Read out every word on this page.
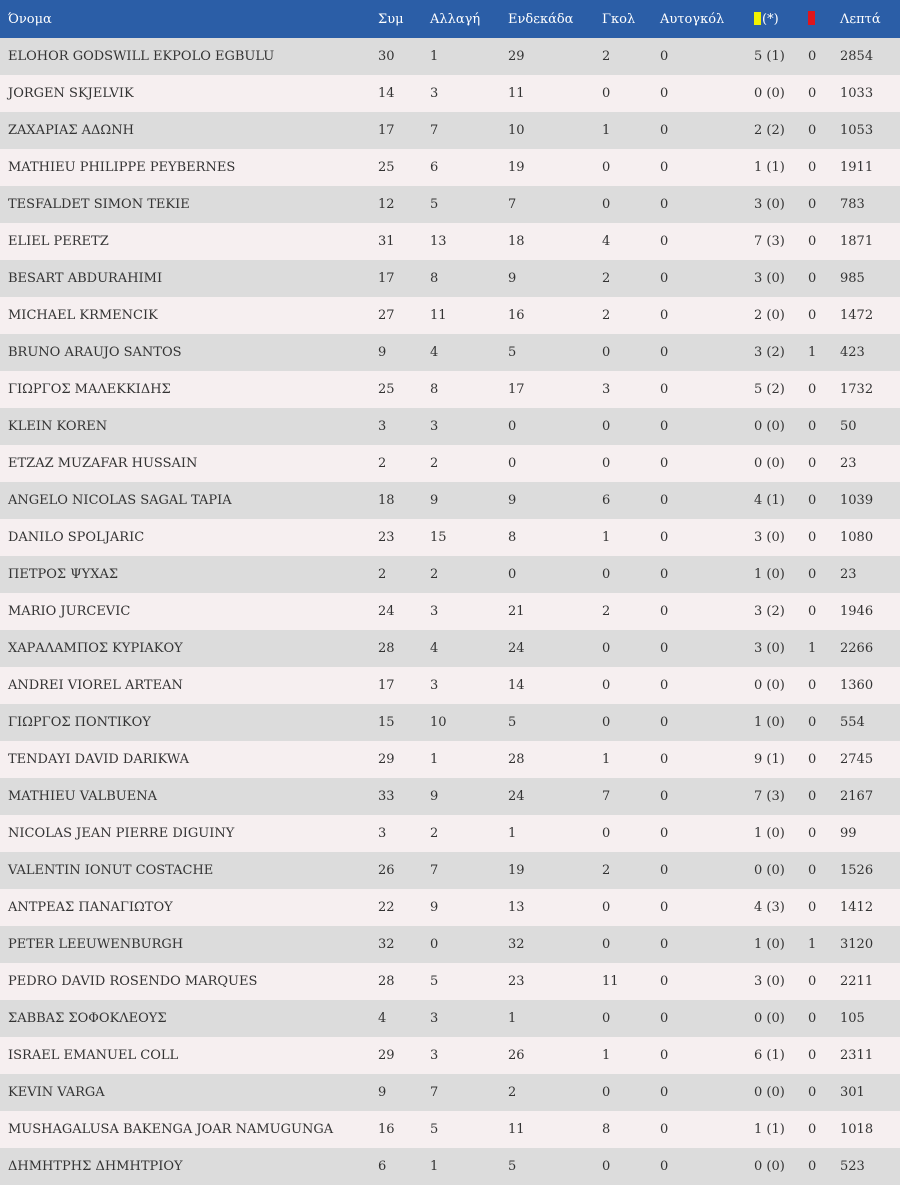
Όνομα	Συμ	Αλλαγή	Ενδεκάδα	Γκολ	Αυτογκόλ	(*)		Λεπτά
ELOHOR GODSWILL EKPOLO EGBULU	30	1	29	2	0	5 (1)	0	2854
JORGEN SKJELVIK	14	3	11	0	0	0 (0)	0	1033
ΖΑΧΑΡΙΑΣ ΑΔΩΝΗ	17	7	10	1	0	2 (2)	0	1053
MATHIEU PHILIPPE PEYBERNES	25	6	19	0	0	1 (1)	0	1911
TESFALDET SIMON TEKIE	12	5	7	0	0	3 (0)	0	783
ELIEL PERETZ	31	13	18	4	0	7 (3)	0	1871
BESART ABDURAHIMI	17	8	9	2	0	3 (0)	0	985
MICHAEL KRMENCIK	27	11	16	2	0	2 (0)	0	1472
BRUNO ARAUJO SANTOS	9	4	5	0	0	3 (2)	1	423
ΓΙΩΡΓΟΣ ΜΑΛΕΚΚΙΔΗΣ	25	8	17	3	0	5 (2)	0	1732
KLEIN KOREN	3	3	0	0	0	0 (0)	0	50
ETZAZ MUZAFAR HUSSAIN	2	2	0	0	0	0 (0)	0	23
ANGELO NICOLAS SAGAL TAPIA	18	9	9	6	0	4 (1)	0	1039
DANILO SPOLJARIC	23	15	8	1	0	3 (0)	0	1080
ΠΕΤΡΟΣ ΨΥΧΑΣ	2	2	0	0	0	1 (0)	0	23
MARIO JURCEVIC	24	3	21	2	0	3 (2)	0	1946
ΧΑΡΑΛΑΜΠΟΣ ΚΥΡΙΑΚΟΥ	28	4	24	0	0	3 (0)	1	2266
ANDREI VIOREL ARTEAN	17	3	14	0	0	0 (0)	0	1360
ΓΙΩΡΓΟΣ ΠΟΝΤΙΚΟΥ	15	10	5	0	0	1 (0)	0	554
TENDAYI DAVID DARIKWA	29	1	28	1	0	9 (1)	0	2745
MATHIEU VALBUENA	33	9	24	7	0	7 (3)	0	2167
NICOLAS JEAN PIERRE DIGUINY	3	2	1	0	0	1 (0)	0	99
VALENTIN IONUT COSTACHE	26	7	19	2	0	0 (0)	0	1526
ΑΝΤΡΕΑΣ ΠΑΝΑΓΙΩΤΟΥ	22	9	13	0	0	4 (3)	0	1412
PETER LEEUWENBURGH	32	0	32	0	0	1 (0)	1	3120
PEDRO DAVID ROSENDO MARQUES	28	5	23	11	0	3 (0)	0	2211
ΣΑΒΒΑΣ ΣΟΦΟΚΛΕΟΥΣ	4	3	1	0	0	0 (0)	0	105
ISRAEL EMANUEL COLL	29	3	26	1	0	6 (1)	0	2311
KEVIN VARGA	9	7	2	0	0	0 (0)	0	301
MUSHAGALUSA BAKENGA JOAR NAMUGUNGA	16	5	11	8	0	1 (1)	0	1018
ΔΗΜΗΤΡΗΣ ΔΗΜΗΤΡΙΟΥ	6	1	5	0	0	0 (0)	0	523
